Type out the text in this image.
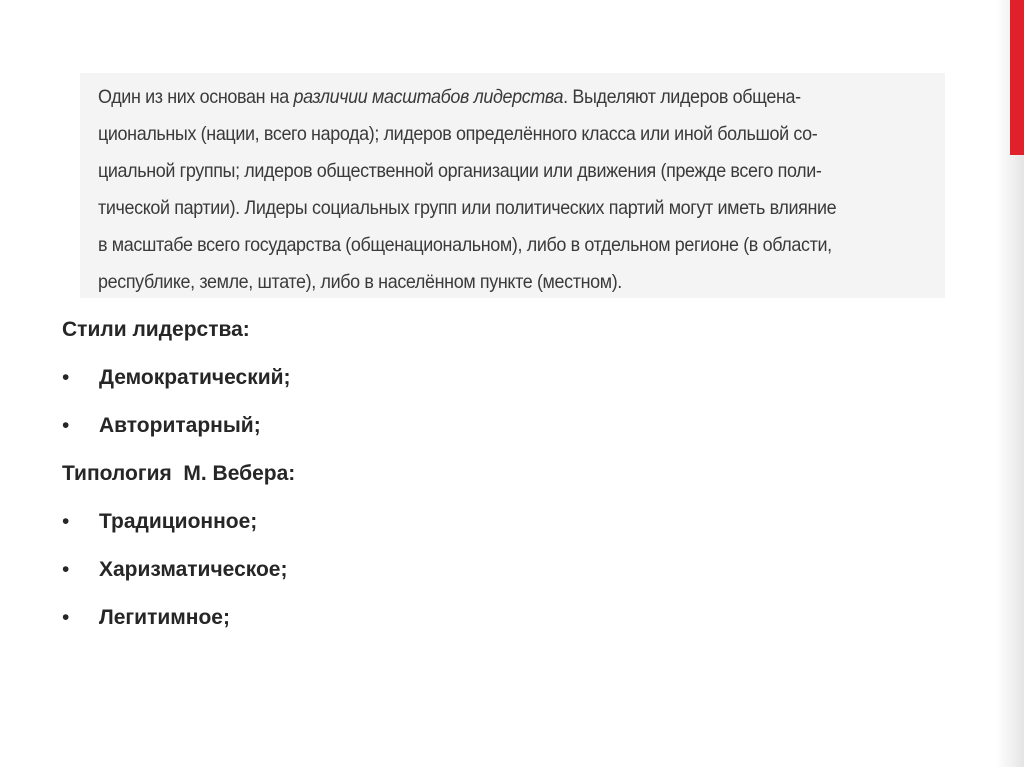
Один из них основан на различии масштабов лидерства. Выделяют лидеров общена-
циональных (нации, всего народа); лидеров определённого класса или иной большой со-
циальной группы; лидеров общественной организации или движения (прежде всего поли-
тической партии). Лидеры социальных групп или политических партий могут иметь влияние
в масштабе всего государства (общенациональном), либо в отдельном регионе (в области,
республике, земле, штате), либо в населённом пункте (местном).
Стили лидерства:
• Демократический;
• Авторитарный;
Типология  М. Вебера:
• Традиционное;
• Харизматическое;
• Легитимное;
